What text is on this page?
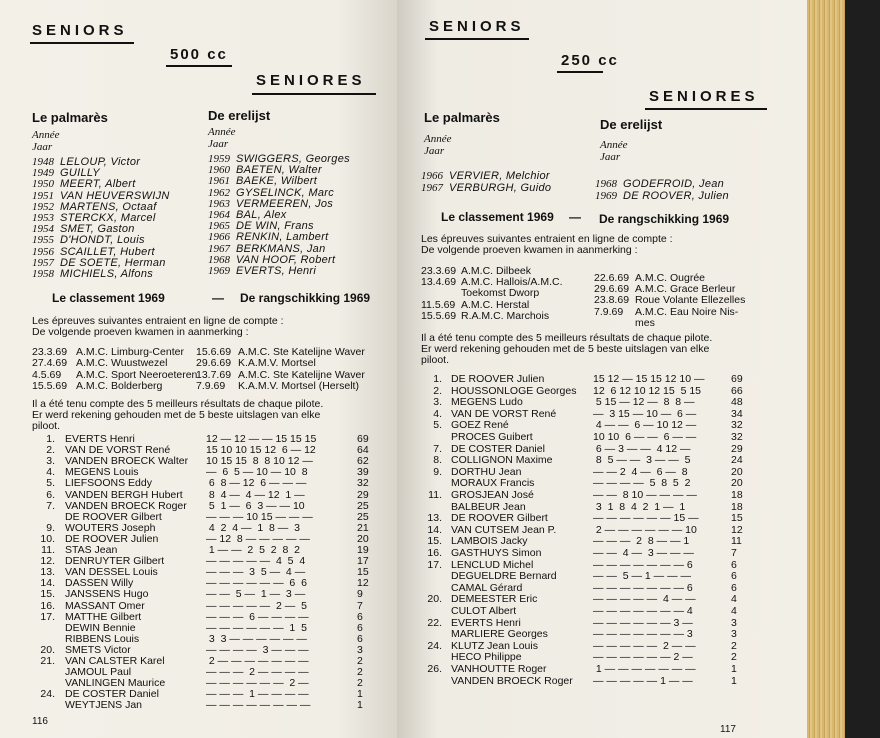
SENIORS
500 cc
SENIORES
Le palmarès	De erelijst
Année
Jaar
Année
Jaar
1948 LELOUP, Victor
1949 GUILLY
1950 MEERT, Albert
1951 VAN HEUVERSWIJN
1952 MARTENS, Octaaf
1953 STERCKX, Marcel
1954 SMET, Gaston
1955 D'HONDT, Louis
1956 SCAILLET, Hubert
1957 DE SOETE, Herman
1958 MICHIELS, Alfons
1959 SWIGGERS, Georges
1960 BAETEN, Walter
1961 BAEKE, Wilbert
1962 GYSELINCK, Marc
1963 VERMEEREN, Jos
1964 BAL, Alex
1965 DE WIN, Frans
1966 RENKIN, Lambert
1967 BERKMANS, Jan
1968 VAN HOOF, Robert
1969 EVERTS, Henri
Le classement 1969	— De rangschikking 1969
Les épreuves suivantes entraient en ligne de compte :
De volgende proeven kwamen in aanmerking :
23.3.69 A.M.C. Limburg-Center 15.6.69 A.M.C. Ste Katelijne Waver
27.4.69 A.M.C. Wuustwezel	29.6.69 K.A.M.V. Mortsel
4.5.69 A.M.C. Sport Neeroeteren
13.7.69 A.M.C. Ste Katelijne Waver
15.5.69 A.M.C. Bolderberg	7.9.69 K.A.M.V. Mortsel (Herselt)
Il a été tenu compte des 5 meilleurs résultats de chaque pilote.
Er werd rekening gehouden met de 5 beste uitslagen van elke
piloot.
1. EVERTS Henri	12 — 12 — — 15 15 15	69
2. VAN DE VORST René	15 10 10 15 12  6 — 12	64
3. VANDEN BROECK Walter 10 15 15  8  8 10 12 —	62
4. MEGENS Louis	—  6  5 — 10 — 10  8	39
5. LIEFSOONS Eddy	6  8 — 12  6 — — —	32
6. VANDEN BERGH Hubert 8  4 —  4 — 12  1 —	29
7. VANDEN BROECK Roger 5  1 —  6  3 — — 10	25
DE ROOVER Gilbert	— — — 10 15 — — —	25
9. WOUTERS Joseph	4  2  4 —  1  8 —  3	21
10. DE ROOVER Julien	— 12  8 — — — — —	20
11. STAS Jean	1 — —  2  5  2  8  2	19
12. DENRUYTER Gilbert	— — — — —  4  5  4	17
13. VAN DESSEL Louis	— — —  3  5 —  4 —	15
14. DASSEN Willy	— — — — — —  6  6	12
15. JANSSENS Hugo	— —  5 —  1 —  3 —	9
16. MASSANT Omer	— — — — —  2 —  5	7
17. MATTHE Gilbert	— — —  6 — — — —	6
DEWIN Bennie	— — — — — —  1  5	6
RIBBENS Louis	3  3 — — — — — —	6
20. SMETS Victor	— — — —  3 — — —	3
21. VAN CALSTER Karel	2 — — — — — — —	2
JAMOUL Paul	— — —  2 — — — —	2
VANLINGEN Maurice	— — — — — —  2 —	2
24. DE COSTER Daniel	— — —  1 — — — —	1
WEYTJENS Jan	— — — — — — — —	1
116
SENIORS
250 cc
SENIORES
Le palmarès	De erelijst
Année
Jaar	Année
Jaar
1966 VERVIER, Melchior
1967 VERBURGH, Guido	1968 GODEFROID, Jean
1969 DE ROOVER, Julien
Le classement 1969 — De rangschikking 1969
Les épreuves suivantes entraient en ligne de compte :
De volgende proeven kwamen in aanmerking :
23.3.69 A.M.C. Dilbeek
13.4.69 A.M.C. Hallois/A.M.C.
Toekomst Dworp
11.5.69 A.M.C. Herstal
15.5.69 R.A.M.C. Marchois
22.6.69 A.M.C. Ougrée
29.6.69 A.M.C. Grace Berleur
23.8.69 Roue Volante Ellezelles
7.9.69 A.M.C. Eau Noire Nis-
mes
Il a été tenu compte des 5 meilleurs résultats de chaque pilote.
Er werd rekening gehouden met de 5 beste uitslagen van elke
piloot.
1. DE ROOVER Julien	15 12 — 15 15 12 10 —	69
2. HOUSSONLOGE Georges 12  6 12 10 12 15  5 15	66
3. MEGENS Ludo	5 15 — 12 —  8  8 —	48
4. VAN DE VORST René	—  3 15 — 10 —  6 —	34
5. GOEZ René	4 — —  6 — 10 12 —	32
PROCES Guibert	10 10  6 — —  6 — —	32
7. DE COSTER Daniel	6 — 3 — —  4 12 —	29
8. COLLIGNON Maxime	8  5 — —  3 — —  5	24
9. DORTHU Jean	— — 2  4 —  6 —  8	20
MORAUX Francis	— — — —  5  8  5  2	20
11. GROSJEAN José	— —  8 10 — — — —	18
BALBEUR Jean	3  1  8  4  2  1 —  1	18
13. DE ROOVER Gilbert	— — — — — — 15 —	15
14. VAN CUTSEM Jean P.	2 — — — — — — 10	12
15. LAMBOIS Jacky	— — —  2  8 — — 1	11
16. GASTHUYS Simon	— —  4 —  3 — — —	7
17. LENCLUD Michel	— — — — — — — 6	6
DEGUELDRE Bernard	— —  5 — 1 — — —	6
CAMAL Gérard	— — — — — — — 6	6
20. DEMEESTER Eric	— — — — —  4 — —	4
CULOT Albert	— — — — — — — 4	4
22. EVERTS Henri	— — — — — — 3 —	3
MARLIERE Georges	— — — — — — — 3	3
24. KLUTZ Jean Louis	— — — — —  2 — —	2
HECO Philippe	— — — — — — 2 —	2
26. VANHOUTTE Roger	1 — — — — — — —	1
VANDEN BROECK Roger — — — — — 1 — —	1
117
